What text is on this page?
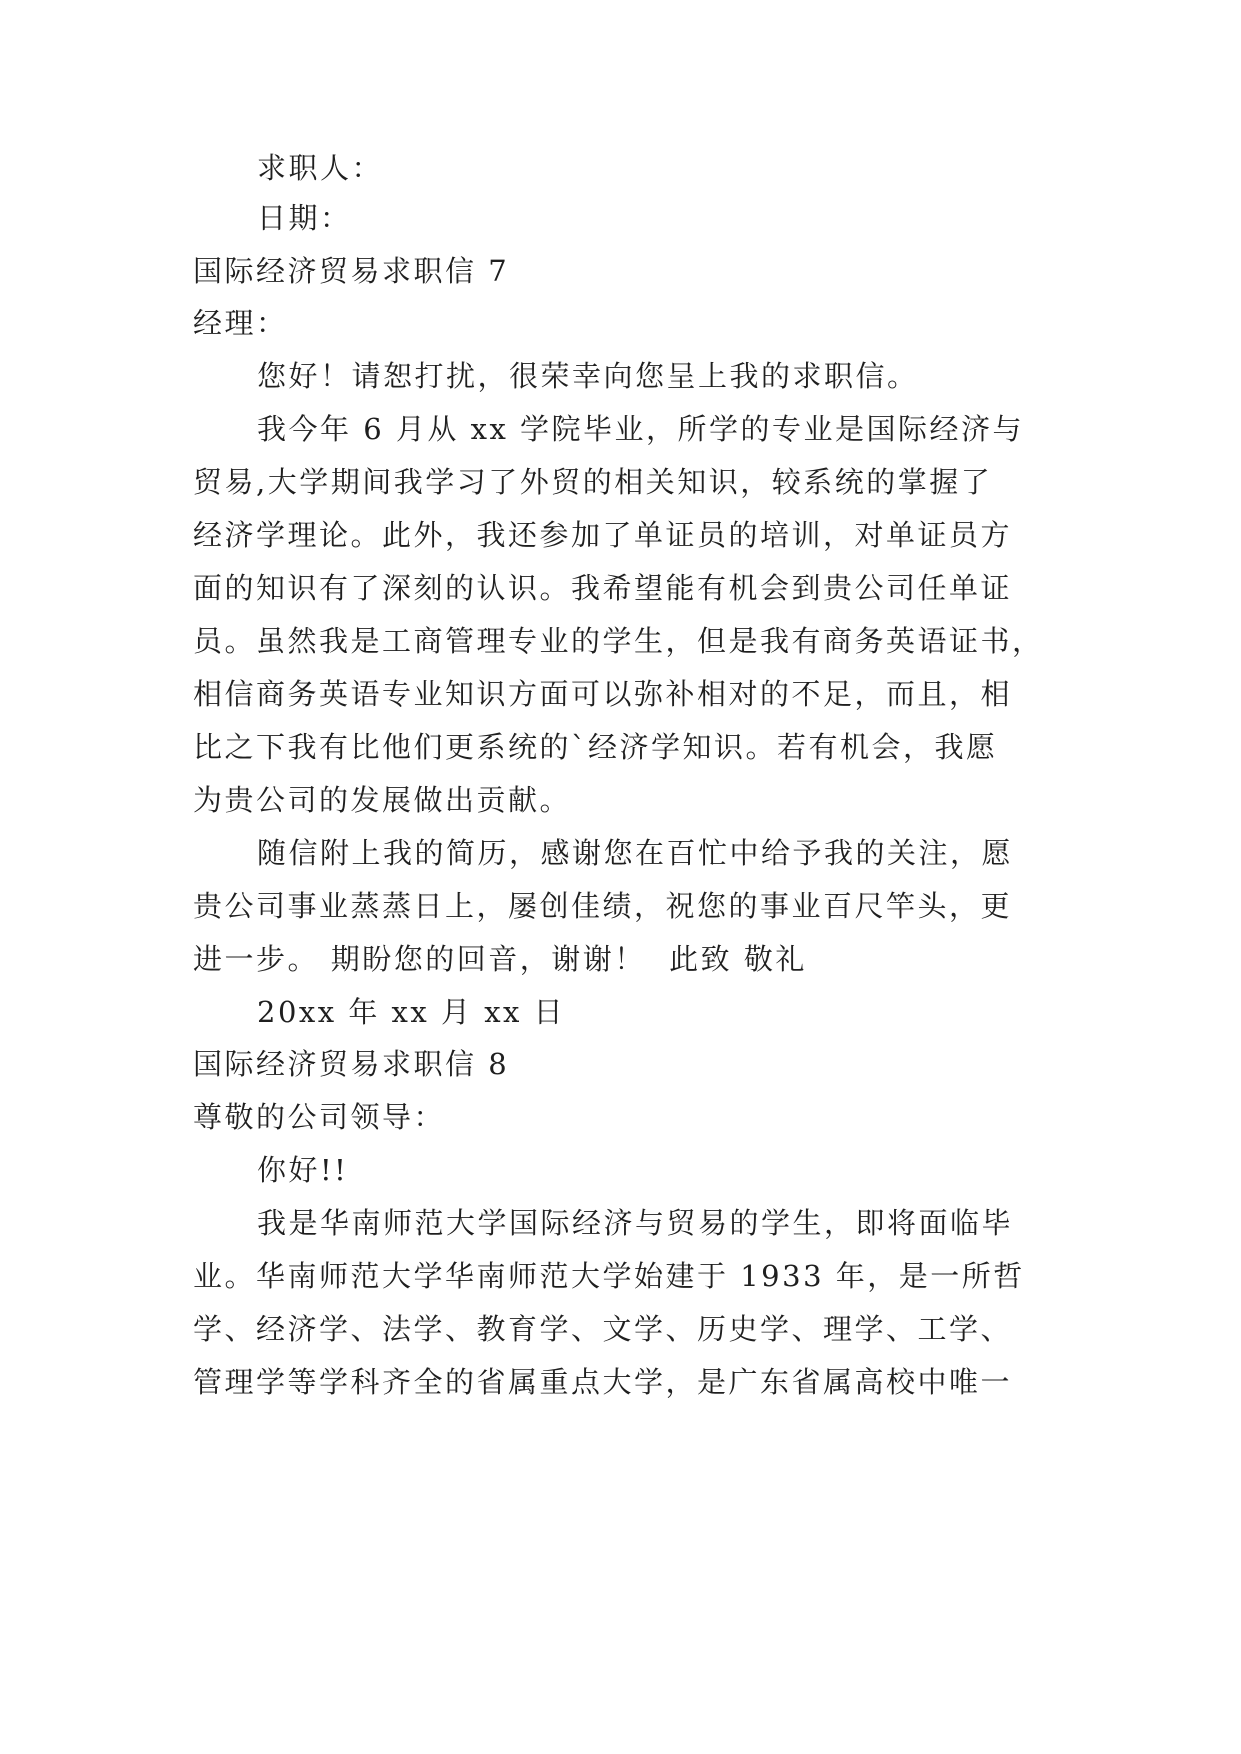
求职人：
日期：
国际经济贸易求职信 7
经理：
您好！请恕打扰，很荣幸向您呈上我的求职信。
我今年 6 月从 xx 学院毕业，所学的专业是国际经济与
贸易,大学期间我学习了外贸的相关知识，较系统的掌握了
经济学理论。此外，我还参加了单证员的培训，对单证员方
面的知识有了深刻的认识。我希望能有机会到贵公司任单证
员。虽然我是工商管理专业的学生，但是我有商务英语证书，
相信商务英语专业知识方面可以弥补相对的不足，而且，相
比之下我有比他们更系统的`经济学知识。若有机会，我愿
为贵公司的发展做出贡献。
随信附上我的简历，感谢您在百忙中给予我的关注，愿
贵公司事业蒸蒸日上，屡创佳绩，祝您的事业百尺竿头，更
进一步。 期盼您的回音，谢谢！  此致 敬礼
20xx 年 xx 月 xx 日
国际经济贸易求职信 8
尊敬的公司领导：
你好!!
我是华南师范大学国际经济与贸易的学生，即将面临毕
业。华南师范大学华南师范大学始建于 1933 年，是一所哲
学、经济学、法学、教育学、文学、历史学、理学、工学、
管理学等学科齐全的省属重点大学，是广东省属高校中唯一
